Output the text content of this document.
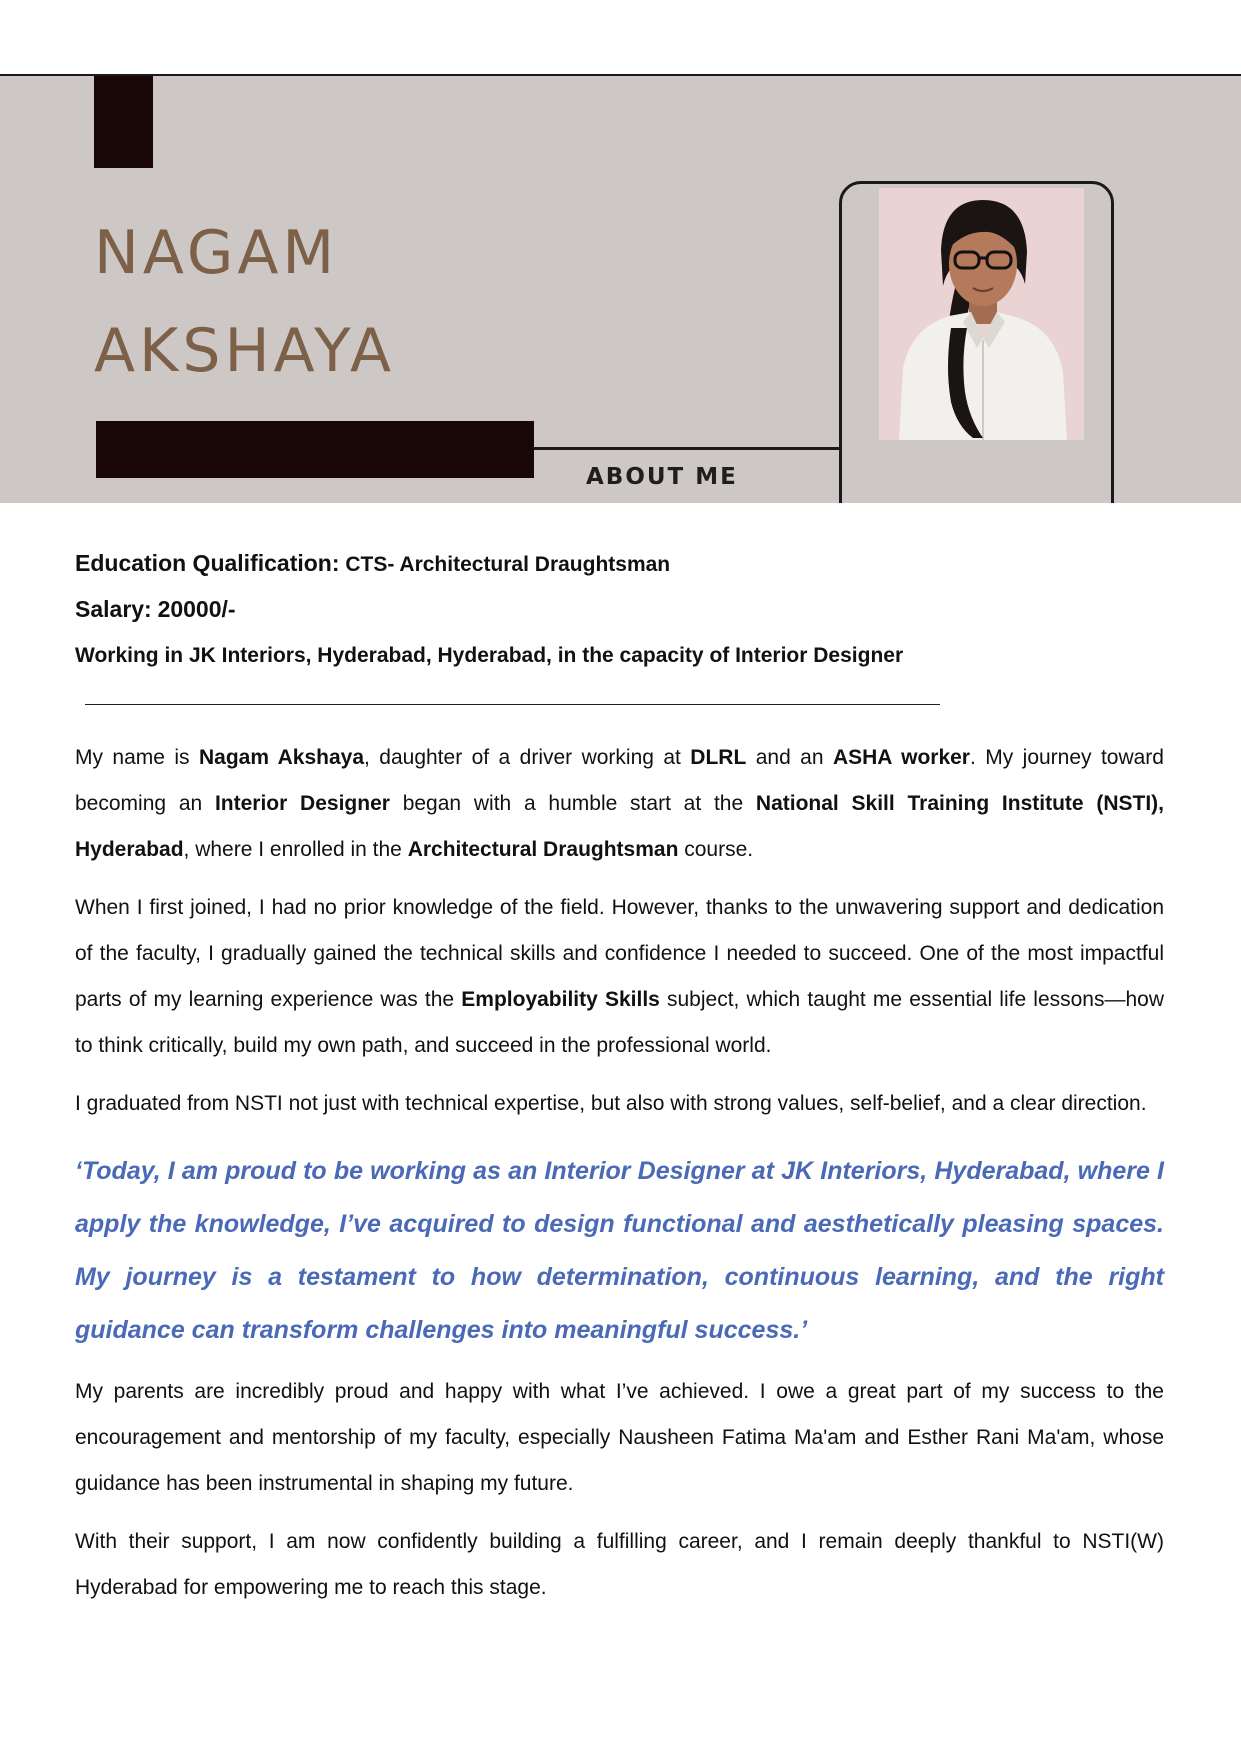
NAGAM
AKSHAYA
ABOUT ME

Education Qualification: CTS- Architectural Draughtsman

Salary: 20000/-

Working in JK Interiors, Hyderabad, Hyderabad, in the capacity of Interior Designer

My name is Nagam Akshaya, daughter of a driver working at DLRL and an ASHA worker. My journey toward becoming an Interior Designer began with a humble start at the National Skill Training Institute (NSTI), Hyderabad, where I enrolled in the Architectural Draughtsman course.

When I first joined, I had no prior knowledge of the field. However, thanks to the unwavering support and dedication of the faculty, I gradually gained the technical skills and confidence I needed to succeed. One of the most impactful parts of my learning experience was the Employability Skills subject, which taught me essential life lessons—how to think critically, build my own path, and succeed in the professional world.

I graduated from NSTI not just with technical expertise, but also with strong values, self-belief, and a clear direction.

‘Today, I am proud to be working as an Interior Designer at JK Interiors, Hyderabad, where I apply the knowledge, I’ve acquired to design functional and aesthetically pleasing spaces. My journey is a testament to how determination, continuous learning, and the right guidance can transform challenges into meaningful success.’

My parents are incredibly proud and happy with what I’ve achieved. I owe a great part of my success to the encouragement and mentorship of my faculty, especially Nausheen Fatima Ma'am and Esther Rani Ma'am, whose guidance has been instrumental in shaping my future.

With their support, I am now confidently building a fulfilling career, and I remain deeply thankful to NSTI(W) Hyderabad for empowering me to reach this stage.
